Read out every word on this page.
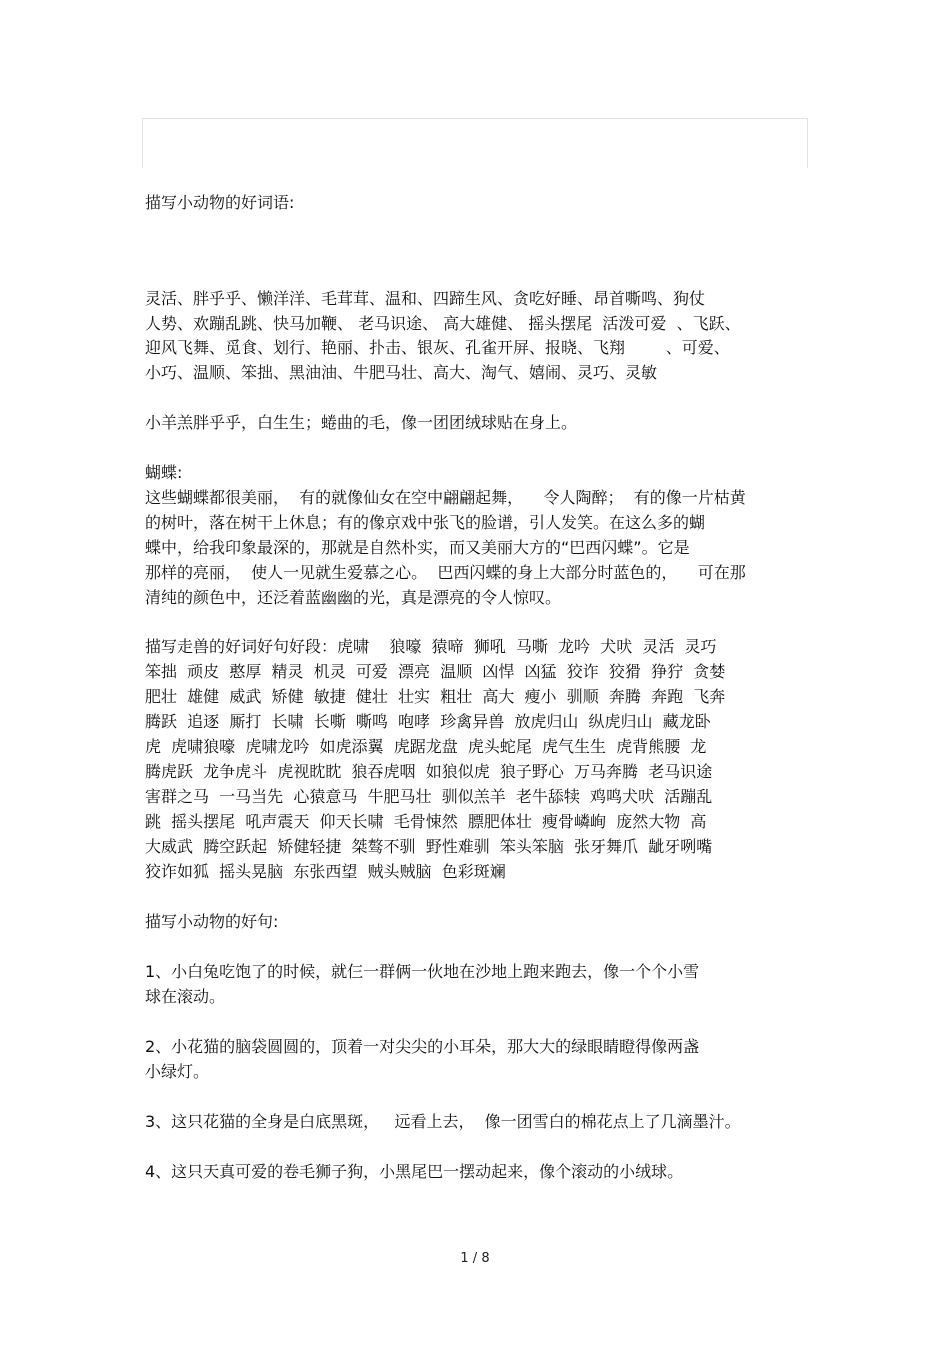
描写小动物的好词语:
灵活、胖乎乎、懒洋洋、毛茸茸、温和、四蹄生风、贪吃好睡、昂首嘶鸣、狗仗
人势、欢蹦乱跳、快马加鞭、 老马识途、 高大雄健、 摇头摆尾  活泼可爱  、飞跃、
迎风飞舞、觅食、划行、艳丽、扑击、银灰、孔雀开屏、报晓、飞翔        、可爱、
小巧、温顺、笨拙、黑油油、牛肥马壮、高大、淘气、嬉闹、灵巧、灵敏
小羊羔胖乎乎，白生生；蜷曲的毛，像一团团绒球贴在身上。
蝴蝶:
这些蝴蝶都很美丽，  有的就像仙女在空中翩翩起舞，    令人陶醉；  有的像一片枯黄
的树叶，落在树干上休息；有的像京戏中张飞的脸谱，引人发笑。在这么多的蝴
蝶中，给我印象最深的，那就是自然朴实，而又美丽大方的“巴西闪蝶”。它是
那样的亮丽，  使人一见就生爱慕之心。  巴西闪蝶的身上大部分时蓝色的，    可在那
清纯的颜色中，还泛着蓝幽幽的光，真是漂亮的令人惊叹。
描写走兽的好词好句好段：虎啸    狼嚎  猿啼  狮吼  马嘶  龙吟  犬吠  灵活  灵巧
笨拙  顽皮  憨厚  精灵  机灵  可爱  漂亮  温顺  凶悍  凶猛  狡诈  狡猾  狰狞  贪婪
肥壮  雄健  威武  矫健  敏捷  健壮  壮实  粗壮  高大  瘦小  驯顺  奔腾  奔跑  飞奔
腾跃  追逐  厮打  长啸  长嘶  嘶鸣  咆哮  珍禽异兽  放虎归山  纵虎归山  藏龙卧
虎  虎啸狼嚎  虎啸龙吟  如虎添翼  虎踞龙盘  虎头蛇尾  虎气生生  虎背熊腰  龙
腾虎跃  龙争虎斗  虎视眈眈  狼吞虎咽  如狼似虎  狼子野心  万马奔腾  老马识途
害群之马  一马当先  心猿意马  牛肥马壮  驯似羔羊  老牛舔犊  鸡鸣犬吠  活蹦乱
跳  摇头摆尾  吼声震天  仰天长啸  毛骨悚然  膘肥体壮  瘦骨嶙峋  庞然大物  高
大威武  腾空跃起  矫健轻捷  桀骜不驯  野性难驯  笨头笨脑  张牙舞爪  龇牙咧嘴
狡诈如狐  摇头晃脑  东张西望  贼头贼脑  色彩斑斓
描写小动物的好句:
1、小白兔吃饱了的时候，就仨一群俩一伙地在沙地上跑来跑去，像一个个小雪
球在滚动。
2、小花猫的脑袋圆圆的，顶着一对尖尖的小耳朵，那大大的绿眼睛瞪得像两盏
小绿灯。
3、这只花猫的全身是白底黑斑，   远看上去，  像一团雪白的棉花点上了几滴墨汁。
4、这只天真可爱的卷毛狮子狗，小黑尾巴一摆动起来，像个滚动的小绒球。
1 / 8
